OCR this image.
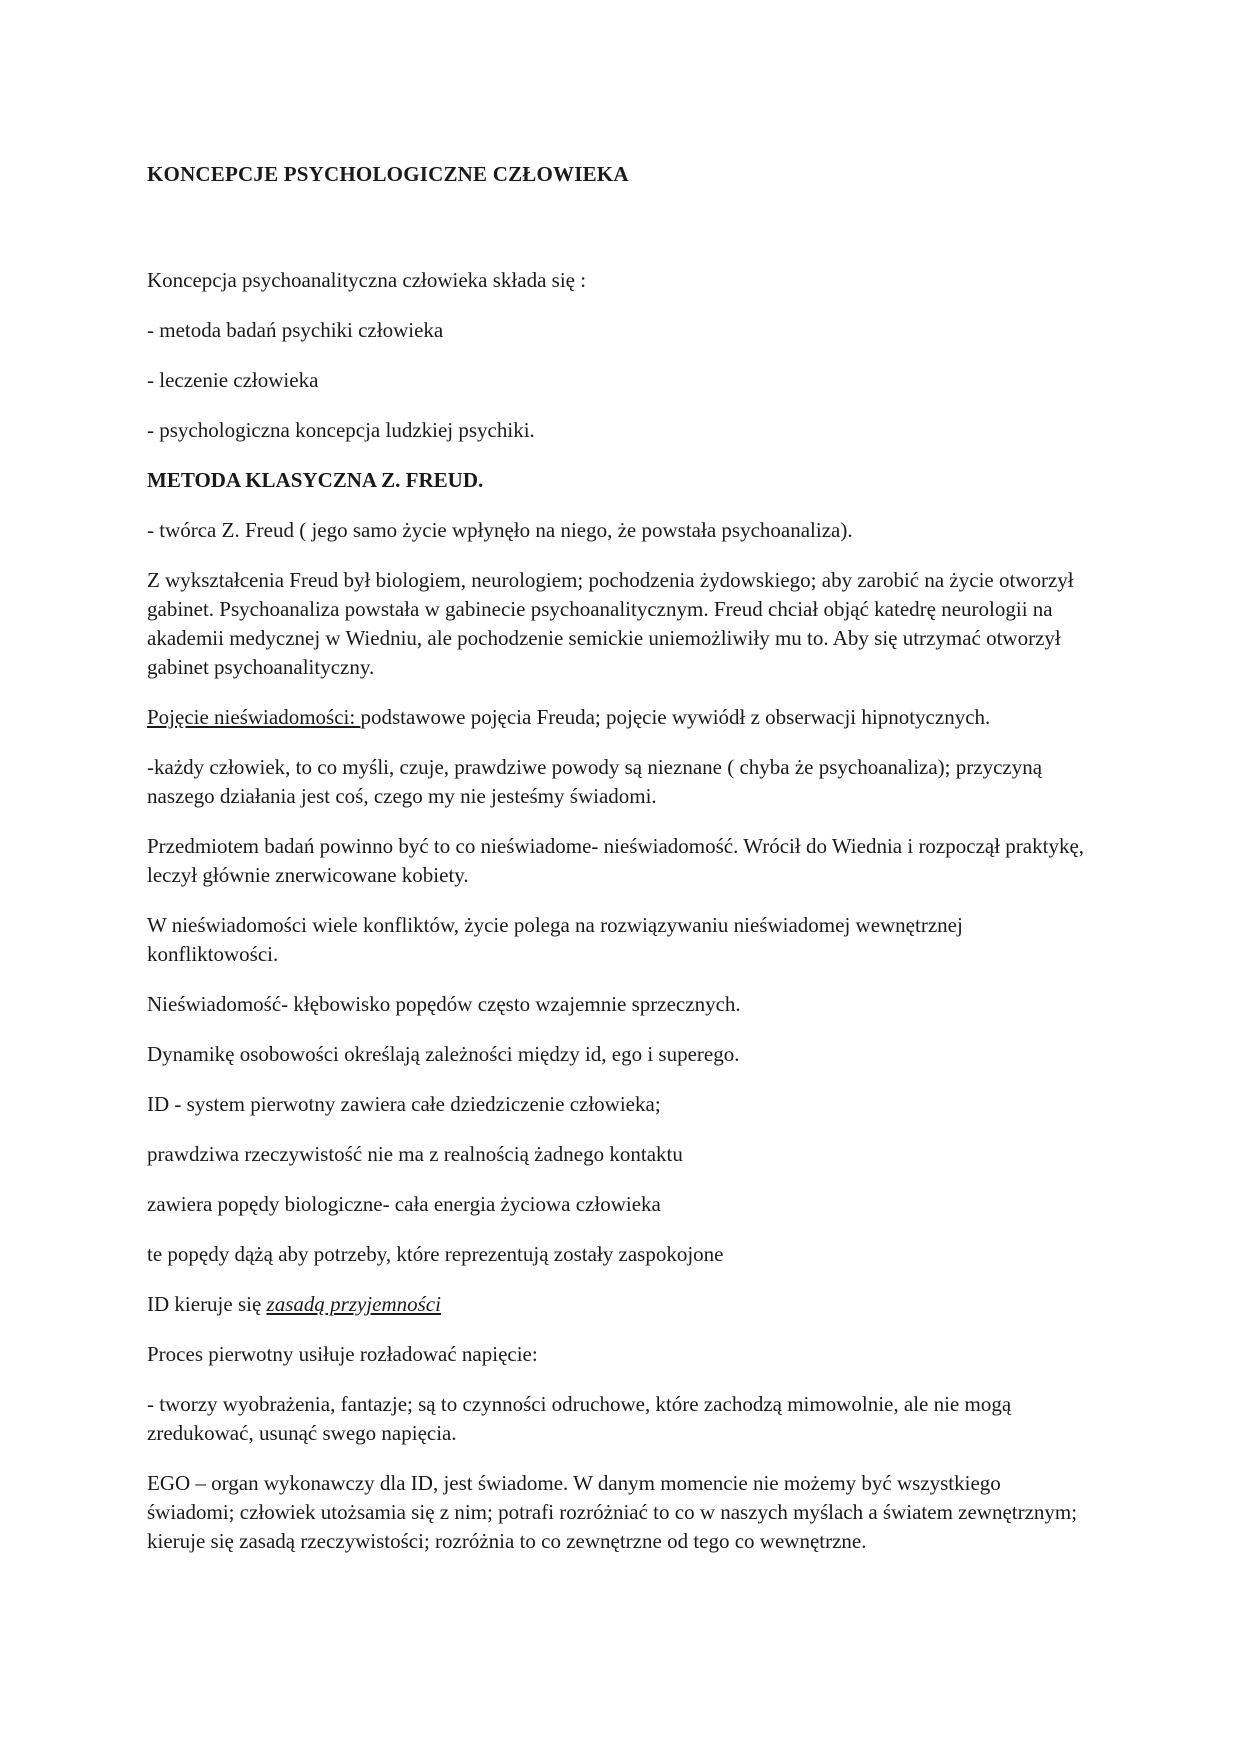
KONCEPCJE PSYCHOLOGICZNE CZŁOWIEKA
Koncepcja psychoanalityczna człowieka składa się :
- metoda badań psychiki człowieka
- leczenie człowieka
- psychologiczna koncepcja ludzkiej psychiki.
METODA KLASYCZNA Z. FREUD.
- twórca Z. Freud ( jego samo życie wpłynęło na niego, że powstała psychoanaliza).
Z wykształcenia Freud był biologiem, neurologiem; pochodzenia żydowskiego; aby zarobić na życie otworzył gabinet. Psychoanaliza powstała w gabinecie psychoanalitycznym. Freud chciał objąć katedrę neurologii na akademii medycznej w Wiedniu, ale pochodzenie semickie uniemożliwiły mu to. Aby się utrzymać otworzył gabinet psychoanalityczny.
Pojęcie nieświadomości: podstawowe pojęcia Freuda; pojęcie wywiódł z obserwacji hipnotycznych.
-każdy człowiek, to co myśli, czuje, prawdziwe powody są nieznane ( chyba że psychoanaliza); przyczyną naszego działania jest coś, czego my nie jesteśmy świadomi.
Przedmiotem badań powinno być to co nieświadome- nieświadomość. Wrócił do Wiednia i rozpoczął praktykę, leczył głównie znerwicowane kobiety.
W nieświadomości wiele konfliktów, życie polega na rozwiązywaniu nieświadomej wewnętrznej konfliktowości.
Nieświadomość- kłębowisko popędów często wzajemnie sprzecznych.
Dynamikę osobowości określają zależności między id, ego i superego.
ID - system pierwotny zawiera całe dziedziczenie człowieka;
prawdziwa rzeczywistość nie ma z realnością żadnego kontaktu
zawiera popędy biologiczne- cała energia życiowa człowieka
te popędy dążą aby potrzeby, które reprezentują zostały zaspokojone
ID kieruje się zasadą przyjemności
Proces pierwotny usiłuje rozładować napięcie:
- tworzy wyobrażenia, fantazje; są to czynności odruchowe, które zachodzą mimowolnie, ale nie mogą zredukować, usunąć swego napięcia.
EGO – organ wykonawczy dla ID, jest świadome. W danym momencie nie możemy być wszystkiego świadomi; człowiek utożsamia się z nim; potrafi rozróżniać to co w naszych myślach a światem zewnętrznym; kieruje się zasadą rzeczywistości; rozróżnia to co zewnętrzne od tego co wewnętrzne.
